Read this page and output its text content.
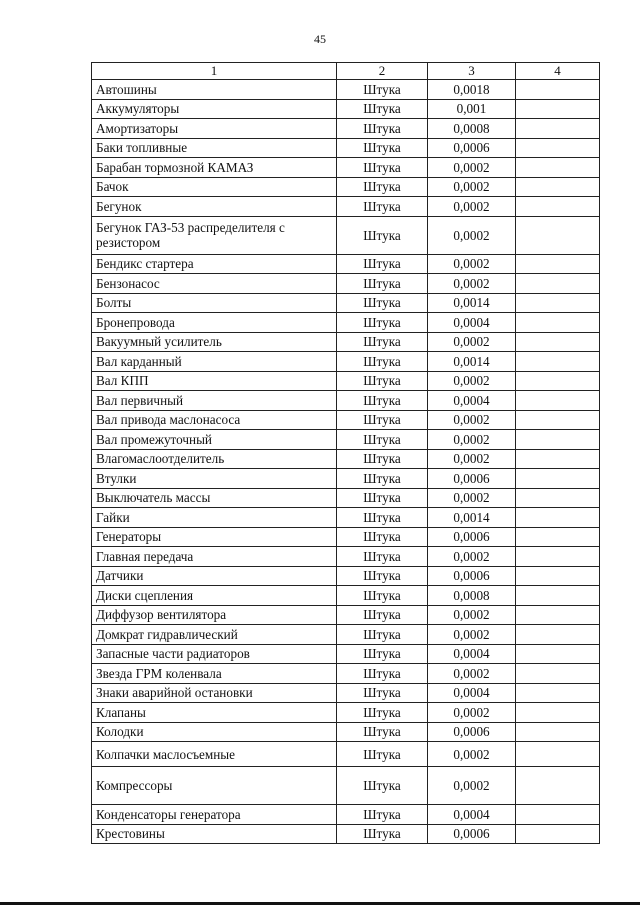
45
1	2	3	4
Автошины	Штука	0,0018	
Аккумуляторы	Штука	0,001	
Амортизаторы	Штука	0,0008	
Баки топливные	Штука	0,0006	
Барабан тормозной КАМАЗ	Штука	0,0002	
Бачок	Штука	0,0002	
Бегунок	Штука	0,0002	
Бегунок ГАЗ-53 распределителя с резистором	Штука	0,0002	
Бендикс стартера	Штука	0,0002	
Бензонасос	Штука	0,0002	
Болты	Штука	0,0014	
Бронепровода	Штука	0,0004	
Вакуумный усилитель	Штука	0,0002	
Вал карданный	Штука	0,0014	
Вал КПП	Штука	0,0002	
Вал первичный	Штука	0,0004	
Вал привода маслонасоса	Штука	0,0002	
Вал промежуточный	Штука	0,0002	
Влагомаслоотделитель	Штука	0,0002	
Втулки	Штука	0,0006	
Выключатель массы	Штука	0,0002	
Гайки	Штука	0,0014	
Генераторы	Штука	0,0006	
Главная передача	Штука	0,0002	
Датчики	Штука	0,0006	
Диски сцепления	Штука	0,0008	
Диффузор вентилятора	Штука	0,0002	
Домкрат гидравлический	Штука	0,0002	
Запасные части радиаторов	Штука	0,0004	
Звезда ГРМ коленвала	Штука	0,0002	
Знаки аварийной остановки	Штука	0,0004	
Клапаны	Штука	0,0002	
Колодки	Штука	0,0006	
Колпачки маслосъемные	Штука	0,0002	
Компрессоры	Штука	0,0002	
Конденсаторы генератора	Штука	0,0004	
Крестовины	Штука	0,0006	
